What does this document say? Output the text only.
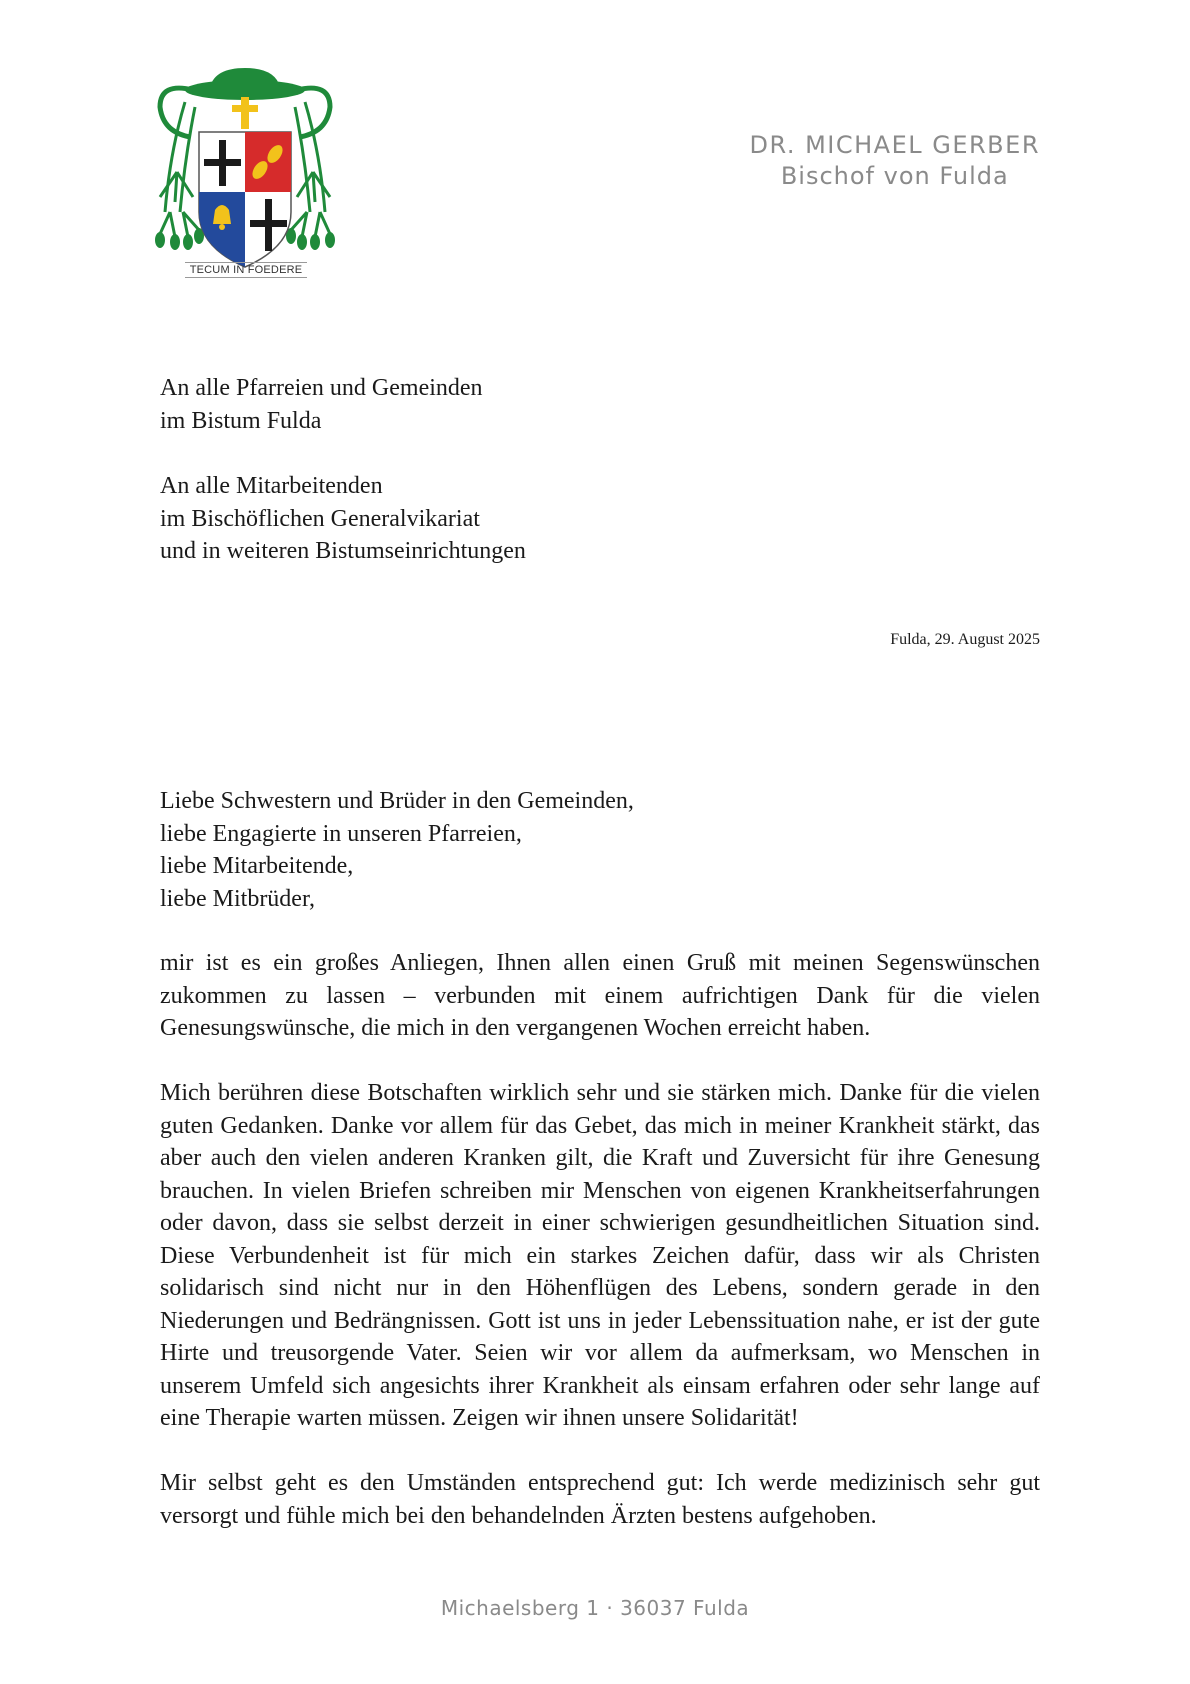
TECUM IN FOEDERE
DR. MICHAEL GERBER
Bischof von Fulda
An alle Pfarreien und Gemeinden
im Bistum Fulda
An alle Mitarbeitenden
im Bischöflichen Generalvikariat
und in weiteren Bistumseinrichtungen
Fulda, 29. August 2025
Liebe Schwestern und Brüder in den Gemeinden,
liebe Engagierte in unseren Pfarreien,
liebe Mitarbeitende,
liebe Mitbrüder,

mir ist es ein großes Anliegen, Ihnen allen einen Gruß mit meinen Segenswünschen zukommen zu lassen – verbunden mit einem aufrichtigen Dank für die vielen Genesungswünsche, die mich in den vergangenen Wochen erreicht haben.

Mich berühren diese Botschaften wirklich sehr und sie stärken mich. Danke für die vielen guten Gedanken. Danke vor allem für das Gebet, das mich in meiner Krankheit stärkt, das aber auch den vielen anderen Kranken gilt, die Kraft und Zuversicht für ihre Genesung brauchen. In vielen Briefen schreiben mir Menschen von eigenen Krankheitserfahrungen oder davon, dass sie selbst derzeit in einer schwierigen gesundheitlichen Situation sind. Diese Verbundenheit ist für mich ein starkes Zeichen dafür, dass wir als Christen solidarisch sind nicht nur in den Höhenflügen des Lebens, sondern gerade in den Niederungen und Bedrängnissen. Gott ist uns in jeder Lebenssituation nahe, er ist der gute Hirte und treusorgende Vater. Seien wir vor allem da aufmerksam, wo Menschen in unserem Umfeld sich angesichts ihrer Krankheit als einsam erfahren oder sehr lange auf eine Therapie warten müssen. Zeigen wir ihnen unsere Solidarität!

Mir selbst geht es den Umständen entsprechend gut: Ich werde medizinisch sehr gut versorgt und fühle mich bei den behandelnden Ärzten bestens aufgehoben.

Michaelsberg 1 · 36037 Fulda
